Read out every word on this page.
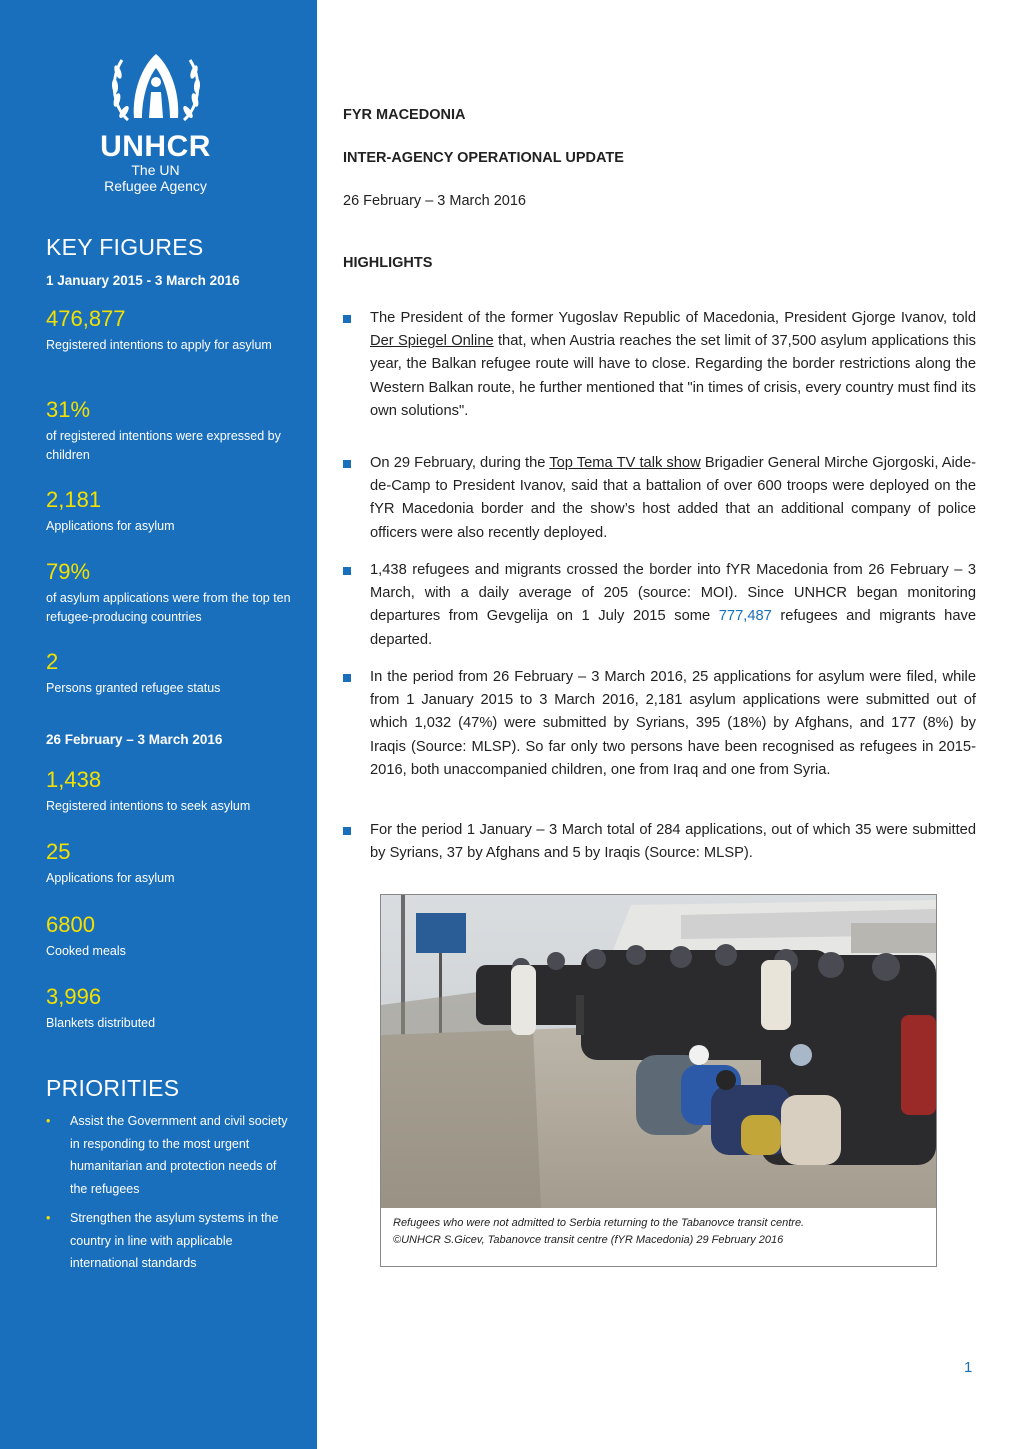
UNHCR
The UN
Refugee Agency
KEY FIGURES
1 January 2015 - 3 March 2016
476,877
Registered intentions to apply for asylum
31%
of registered intentions were expressed by children
2,181
Applications for asylum
79%
of asylum applications were from the top ten refugee-producing countries
2
Persons granted refugee status
26 February – 3 March 2016
1,438
Registered intentions to seek asylum
25
Applications for asylum
6800
Cooked meals
3,996
Blankets distributed
PRIORITIES
• Assist the Government and civil society in responding to the most urgent humanitarian and protection needs of the refugees
• Strengthen the asylum systems in the country in line with applicable international standards
FYR MACEDONIA
INTER-AGENCY OPERATIONAL UPDATE
26 February – 3 March 2016
HIGHLIGHTS
The President of the former Yugoslav Republic of Macedonia, President Gjorge Ivanov, told Der Spiegel Online that, when Austria reaches the set limit of 37,500 asylum applications this year, the Balkan refugee route will have to close. Regarding the border restrictions along the Western Balkan route, he further mentioned that "in times of crisis, every country must find its own solutions".
On 29 February, during the Top Tema TV talk show Brigadier General Mirche Gjorgoski, Aide-de-Camp to President Ivanov, said that a battalion of over 600 troops were deployed on the fYR Macedonia border and the show’s host added that an additional company of police officers were also recently deployed.
1,438 refugees and migrants crossed the border into fYR Macedonia from 26 February – 3 March, with a daily average of 205 (source: MOI). Since UNHCR began monitoring departures from Gevgelija on 1 July 2015 some 777,487 refugees and migrants have departed.
In the period from 26 February – 3 March 2016, 25 applications for asylum were filed, while from 1 January 2015 to 3 March 2016, 2,181 asylum applications were submitted out of which 1,032 (47%) were submitted by Syrians, 395 (18%) by Afghans, and 177 (8%) by Iraqis (Source: MLSP). So far only two persons have been recognised as refugees in 2015-2016, both unaccompanied children, one from Iraq and one from Syria.
For the period 1 January – 3 March total of 284 applications, out of which 35 were submitted by Syrians, 37 by Afghans and 5 by Iraqis (Source: MLSP).
Refugees who were not admitted to Serbia returning to the Tabanovce transit centre.
©UNHCR S.Gicev, Tabanovce transit centre (fYR Macedonia) 29 February 2016
1
